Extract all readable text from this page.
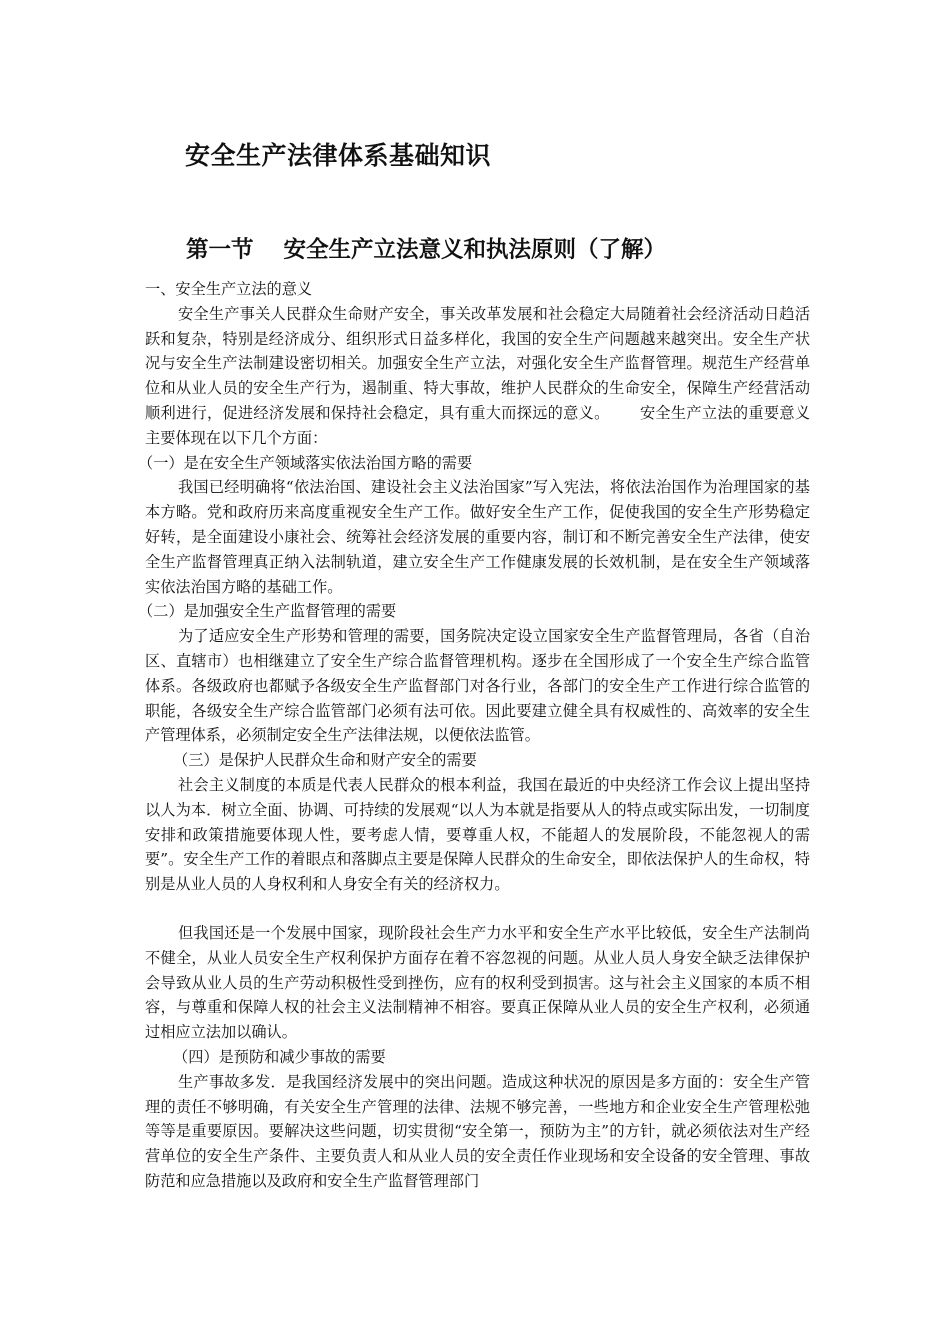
安全生产法律体系基础知识
第一节 安全生产立法意义和执法原则（了解）

一、安全生产立法的意义

安全生产事关人民群众生命财产安全，事关改革发展和社会稳定大局随着社会经济活动日趋活跃和复杂，特别是经济成分、组织形式日益多样化，我国的安全生产问题越来越突出。安全生产状况与安全生产法制建设密切相关。加强安全生产立法，对强化安全生产监督管理。规范生产经营单位和从业人员的安全生产行为，遏制重、特大事故，维护人民群众的生命安全，保障生产经营活动顺利进行，促进经济发展和保持社会稳定，具有重大而探远的意义。 安全生产立法的重要意义主要体现在以下几个方面：

（一）是在安全生产领域落实依法治国方略的需要

我国已经明确将“依法治国、建设社会主义法治国家”写入宪法，将依法治国作为治理国家的基本方略。党和政府历来高度重视安全生产工作。做好安全生产工作，促使我国的安全生产形势稳定好转，是全面建设小康社会、统筹社会经济发展的重要内容，制订和不断完善安全生产法律，使安全生产监督管理真正纳入法制轨道，建立安全生产工作健康发展的长效机制，是在安全生产领域落实依法治国方略的基础工作。

（二）是加强安全生产监督管理的需要

为了适应安全生产形势和管理的需要，国务院决定设立国家安全生产监督管理局，各省（自治区、直辖市）也相继建立了安全生产综合监督管理机构。逐步在全国形成了一个安全生产综合监管体系。各级政府也都赋予各级安全生产监督部门对各行业，各部门的安全生产工作进行综合监管的职能，各级安全生产综合监管部门必须有法可依。因此要建立健全具有权威性的、高效率的安全生产管理体系，必须制定安全生产法律法规，以便依法监管。

（三）是保护人民群众生命和财产安全的需要

社会主义制度的本质是代表人民群众的根本利益，我国在最近的中央经济工作会议上提出坚持以人为本．树立全面、协调、可持续的发展观“以人为本就是指要从人的特点或实际出发，一切制度安排和政策措施要体现人性，要考虑人情，要尊重人权，不能超人的发展阶段，不能忽视人的需要”。安全生产工作的着眼点和落脚点主要是保障人民群众的生命安全，即依法保护人的生命权，特别是从业人员的人身权利和人身安全有关的经济权力。

但我国还是一个发展中国家，现阶段社会生产力水平和安全生产水平比较低，安全生产法制尚不健全，从业人员安全生产权利保护方面存在着不容忽视的问题。从业人员人身安全缺乏法律保护会导致从业人员的生产劳动积极性受到挫伤，应有的权利受到损害。这与社会主义国家的本质不相容，与尊重和保障人权的社会主义法制精神不相容。要真正保障从业人员的安全生产权利，必须通过相应立法加以确认。

（四）是预防和减少事故的需要

生产事故多发．是我国经济发展中的突出问题。造成这种状况的原因是多方面的：安全生产管理的责任不够明确，有关安全生产管理的法律、法规不够完善，一些地方和企业安全生产管理松弛等等是重要原因。要解决这些问题，切实贯彻“安全第一，预防为主”的方针，就必须依法对生产经营单位的安全生产条件、主要负责人和从业人员的安全责任作业现场和安全设备的安全管理、事故防范和应急措施以及政府和安全生产监督管理部门
